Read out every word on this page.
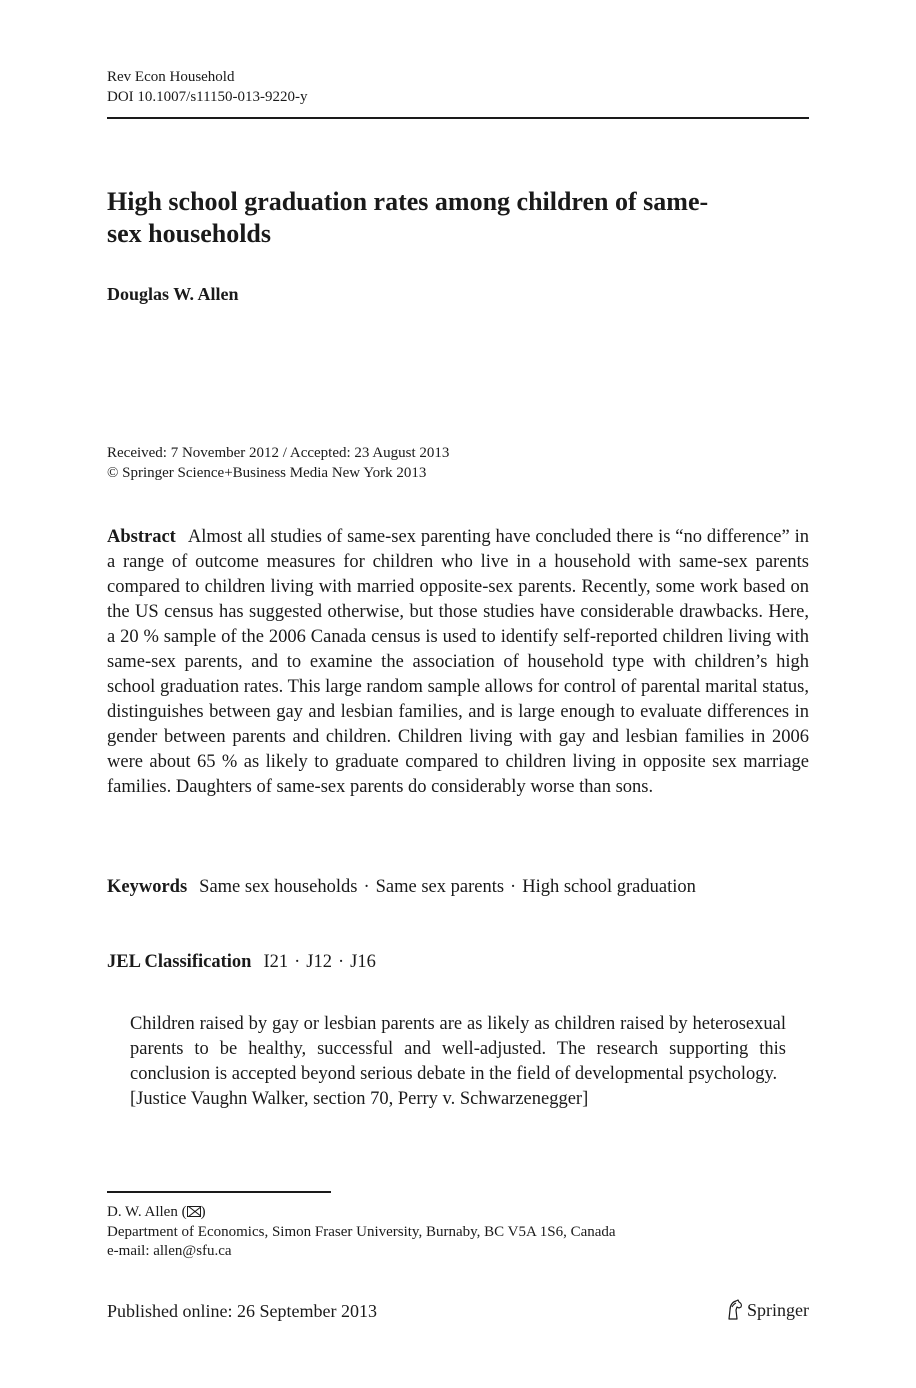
Rev Econ Household
DOI 10.1007/s11150-013-9220-y
High school graduation rates among children of same-
sex households
Douglas W. Allen
Received: 7 November 2012 / Accepted: 23 August 2013
© Springer Science+Business Media New York 2013

Abstract Almost all studies of same-sex parenting have concluded there is “no difference” in a range of outcome measures for children who live in a household with same-sex parents compared to children living with married opposite-sex parents. Recently, some work based on the US census has suggested otherwise, but those studies have considerable drawbacks. Here, a 20 % sample of the 2006 Canada census is used to identify self-reported children living with same-sex parents, and to examine the association of household type with children’s high school graduation rates. This large random sample allows for control of parental marital status, distinguishes between gay and lesbian families, and is large enough to evaluate differences in gender between parents and children. Children living with gay and lesbian families in 2006 were about 65 % as likely to graduate compared to children living in opposite sex marriage families. Daughters of same-sex parents do considerably worse than sons.

Keywords Same sex households · Same sex parents · High school graduation

JEL Classification I21 · J12 · J16

Children raised by gay or lesbian parents are as likely as children raised by heterosexual parents to be healthy, successful and well-adjusted. The research supporting this conclusion is accepted beyond serious debate in the field of developmental psychology.
[Justice Vaughn Walker, section 70, Perry v. Schwarzenegger]

D. W. Allen ( )
Department of Economics, Simon Fraser University, Burnaby, BC V5A 1S6, Canada
e-mail: allen@sfu.ca
Published online: 26 September 2013	Springer
